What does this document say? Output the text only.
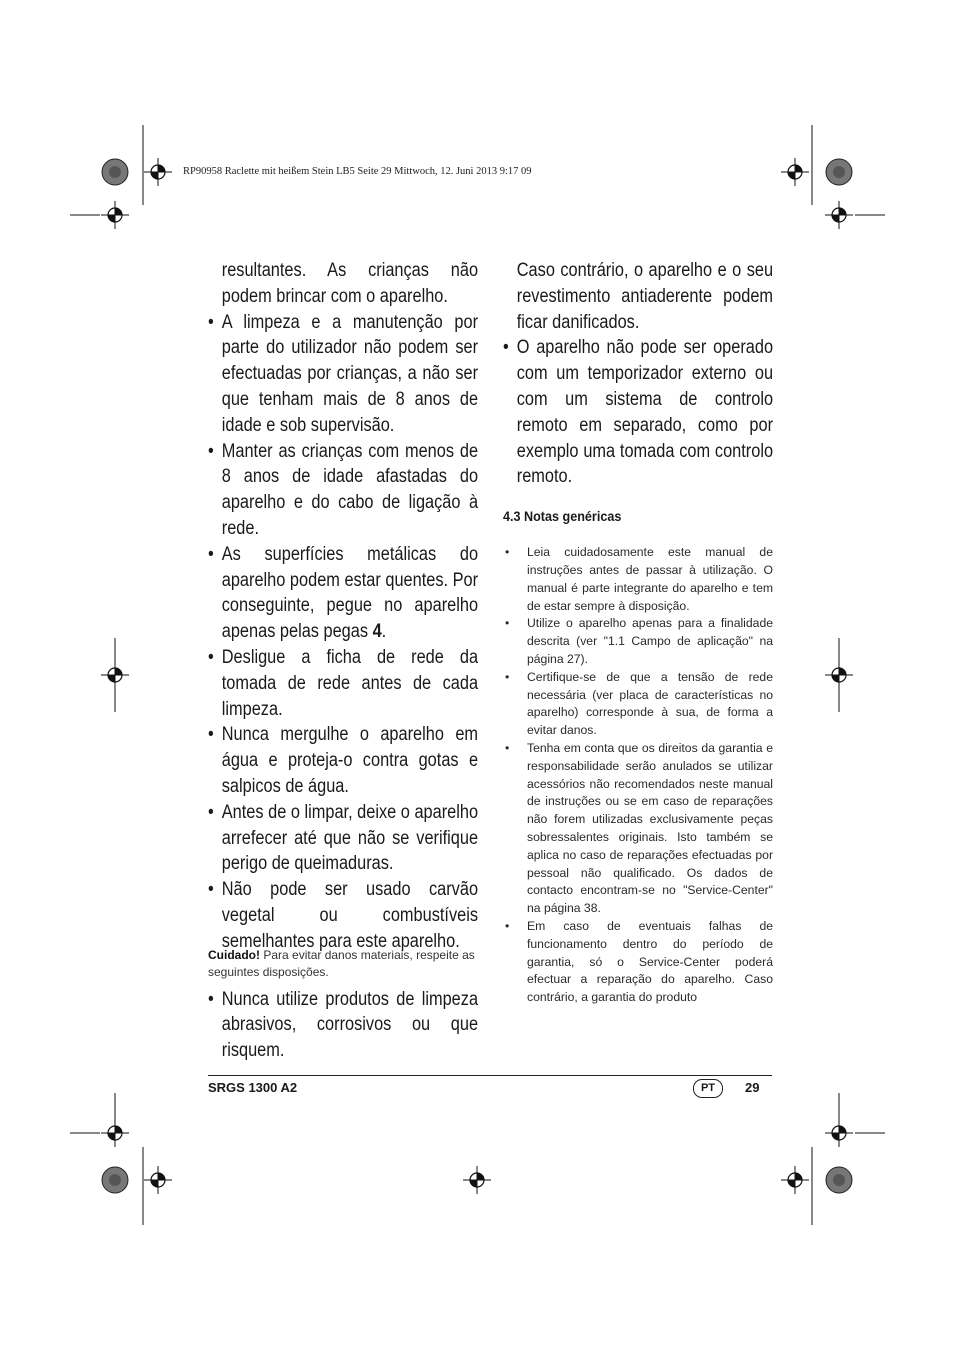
RP90958 Raclette mit heißem Stein LB5 Seite 29 Mittwoch, 12. Juni 2013 9:17 09

resultantes. As crianças não podem brincar com o aparelho.

• A limpeza e a manutenção por parte do utilizador não podem ser efectuadas por crianças, a não ser que tenham mais de 8 anos de idade e sob supervisão.

• Manter as crianças com menos de 8 anos de idade afastadas do aparelho e do cabo de ligação à rede.

• As superfícies metálicas do aparelho podem estar quentes. Por conseguinte, pegue no aparelho apenas pelas pegas 4.

• Desligue a ficha de rede da tomada de rede antes de cada limpeza.

• Nunca mergulhe o aparelho em água e proteja-o contra gotas e salpicos de água.

• Antes de o limpar, deixe o aparelho arrefecer até que não se verifique perigo de queimaduras.

• Não pode ser usado carvão vegetal ou combustíveis semelhantes para este aparelho.

Cuidado! Para evitar danos materiais, respeite as seguintes disposições.

• Nunca utilize produtos de limpeza abrasivos, corrosivos ou que risquem.

Caso contrário, o aparelho e o seu revestimento antiaderente podem ficar danificados.

• O aparelho não pode ser operado com um temporizador externo ou com um sistema de controlo remoto em separado, como por exemplo uma tomada com controlo remoto.

4.3 Notas genéricas
• Leia cuidadosamente este manual de instruções antes de passar à utilização. O manual é parte integrante do aparelho e tem de estar sempre à disposição.
• Utilize o aparelho apenas para a finalidade descrita (ver "1.1 Campo de aplicação" na página 27).
• Certifique-se de que a tensão de rede necessária (ver placa de características no aparelho) corresponde à sua, de forma a evitar danos.
• Tenha em conta que os direitos da garantia e responsabilidade serão anulados se utilizar acessórios não recomendados neste manual de instruções ou se em caso de reparações não forem utilizadas exclusivamente peças sobressalentes originais. Isto também se aplica no caso de reparações efectuadas por pessoal não qualificado. Os dados de contacto encontram-se no "Service-Center" na página 38.
• Em caso de eventuais falhas de funcionamento dentro do período de garantia, só o Service-Center poderá efectuar a reparação do aparelho. Caso contrário, a garantia do produto
SRGS 1300 A2	PT	29
